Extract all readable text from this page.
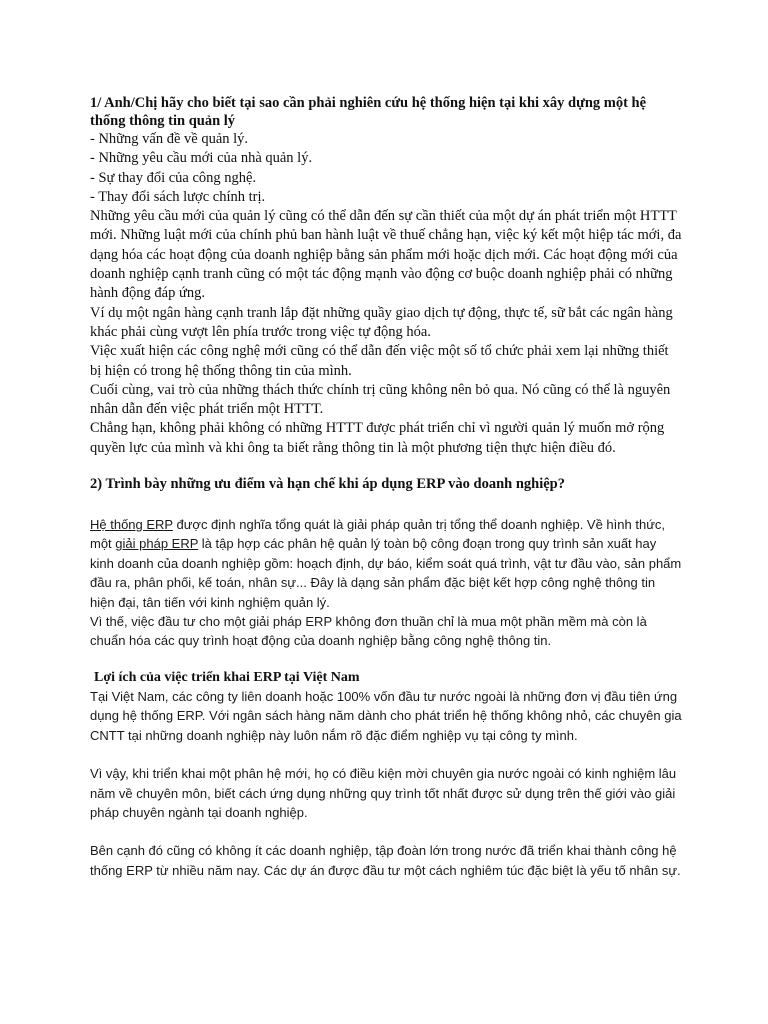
1/ Anh/Chị hãy cho biết tại sao cần phải nghiên cứu hệ thống hiện tại khi xây dựng một hệ thống thông tin quản lý
- Những vấn đề về quản lý.
- Những yêu cầu mới của nhà quản lý.
- Sự thay đổi của công nghệ.
- Thay đổi sách lược chính trị.

Những yêu cầu mới của quản lý cũng có thể dẫn đến sự cần thiết của một dự án phát triển một HTTT mới. Những luật mới của chính phủ ban hành luật về thuế chẳng hạn, việc ký kết một hiệp tác mới, đa dạng hóa các hoạt động của doanh nghiệp bằng sản phẩm mới hoặc dịch mới. Các hoạt động mới của doanh nghiệp cạnh tranh cũng có một tác động mạnh vào động cơ buộc doanh nghiệp phải có những hành động đáp ứng.

Ví dụ một ngân hàng cạnh tranh lắp đặt những quầy giao dịch tự động, thực tế, sữ bắt các ngân hàng khác phải cùng vượt lên phía trước trong việc tự động hóa.

Việc xuất hiện các công nghệ mới cũng có thể dẫn đến việc một số tổ chức phải xem lại những thiết bị hiện có trong hệ thống thông tin của mình.

Cuối cùng, vai trò của những thách thức chính trị cũng không nên bỏ qua. Nó cũng có thể là nguyên nhân dẫn đến việc phát triển một HTTT.

Chẳng hạn, không phải không có những HTTT được phát triển chỉ vì người quản lý muốn mở rộng quyền lực của mình và khi ông ta biết rằng thông tin là một phương tiện thực hiện điều đó.

2) Trình bày những ưu điểm và hạn chế khi áp dụng ERP vào doanh nghiệp?

Hệ thống ERP được định nghĩa tổng quát là giải pháp quản trị tổng thể doanh nghiệp. Về hình thức, một giải pháp ERP là tập hợp các phân hệ quản lý toàn bộ công đoạn trong quy trình sản xuất hay kinh doanh của doanh nghiệp gồm: hoạch định, dự báo, kiểm soát quá trình, vật tư đầu vào, sản phẩm đầu ra, phân phối, kế toán, nhân sự... Đây là dạng sản phẩm đặc biệt kết hợp công nghệ thông tin hiện đại, tân tiến với kinh nghiệm quản lý.

Vì thế, việc đầu tư cho một giải pháp ERP không đơn thuần chỉ là mua một phần mềm mà còn là chuẩn hóa các quy trình hoạt động của doanh nghiệp bằng công nghệ thông tin.

Lợi ích của việc triển khai ERP tại Việt Nam

Tại Việt Nam, các công ty liên doanh hoặc 100% vốn đầu tư nước ngoài là những đơn vị đầu tiên ứng dụng hệ thống ERP. Với ngân sách hàng năm dành cho phát triển hệ thống không nhỏ, các chuyên gia CNTT tại những doanh nghiệp này luôn nắm rõ đặc điểm nghiệp vụ tại công ty mình.

Vì vậy, khi triển khai một phân hệ mới, họ có điều kiện mời chuyên gia nước ngoài có kinh nghiệm lâu năm về chuyên môn, biết cách ứng dụng những quy trình tốt nhất được sử dụng trên thế giới vào giải pháp chuyên ngành tại doanh nghiệp.

Bên cạnh đó cũng có không ít các doanh nghiệp, tập đoàn lớn trong nước đã triển khai thành công hệ thống ERP từ nhiều năm nay. Các dự án được đầu tư một cách nghiêm túc đặc biệt là yếu tố nhân sự.
